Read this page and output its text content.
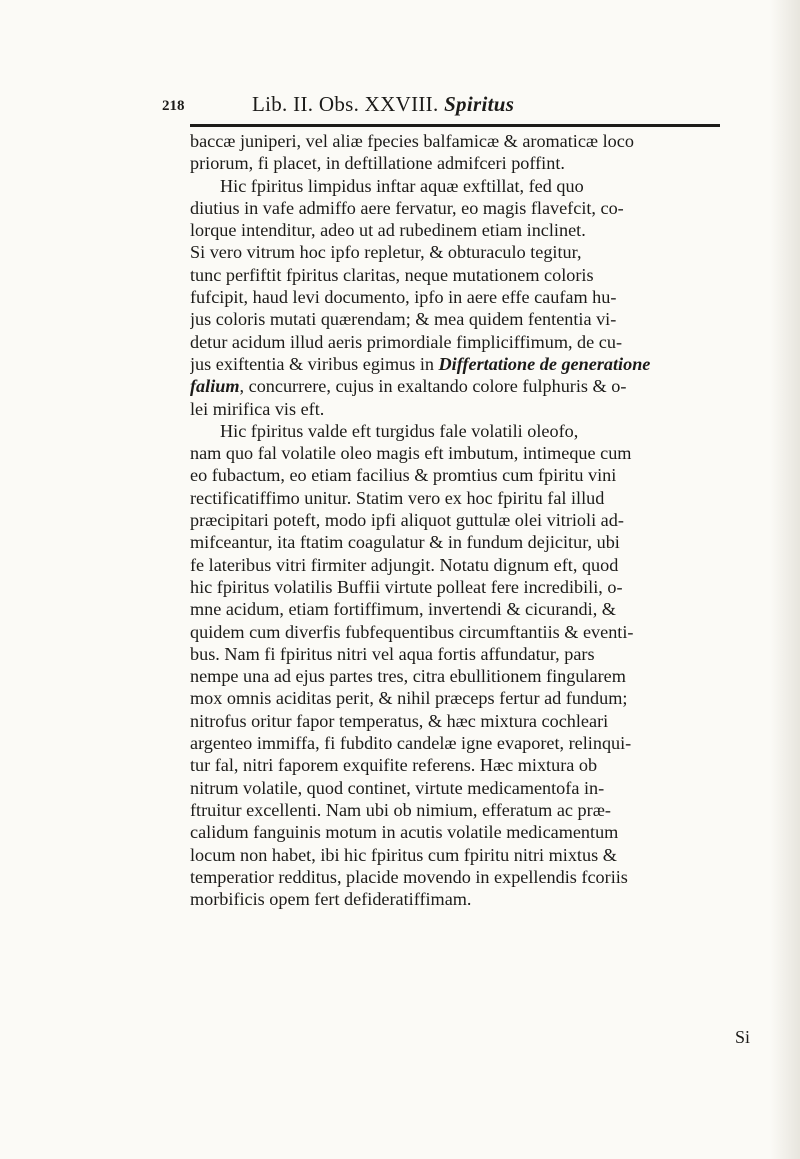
218	Lib. II. Obs. XXVIII. Spiritus
baccæ juniperi, vel aliæ fpecies balfamicæ & aromaticæ loco
priorum, fi placet, in deftillatione admifceri poffint.
Hic fpiritus limpidus inftar aquæ exftillat, fed quo
diutius in vafe admiffo aere fervatur, eo magis flavefcit, co-
lorque intenditur, adeo ut ad rubedinem etiam inclinet.
Si vero vitrum hoc ipfo repletur, & obturaculo tegitur,
tunc perfiftit fpiritus claritas, neque mutationem coloris
fufcipit, haud levi documento, ipfo in aere effe caufam hu-
jus coloris mutati quærendam; & mea quidem fententia vi-
detur acidum illud aeris primordiale fimpliciffimum, de cu-
jus exiftentia & viribus egimus in Differtatione de generatione
falium, concurrere, cujus in exaltando colore fulphuris & o-
lei mirifica vis eft.
Hic fpiritus valde eft turgidus fale volatili oleofo,
nam quo fal volatile oleo magis eft imbutum, intimeque cum
eo fubactum, eo etiam facilius & promtius cum fpiritu vini
rectificatiffimo unitur. Statim vero ex hoc fpiritu fal illud
præcipitari poteft, modo ipfi aliquot guttulæ olei vitrioli ad-
mifceantur, ita ftatim coagulatur & in fundum dejicitur, ubi
fe lateribus vitri firmiter adjungit. Notatu dignum eft, quod
hic fpiritus volatilis Buffii virtute polleat fere incredibili, o-
mne acidum, etiam fortiffimum, invertendi & cicurandi, &
quidem cum diverfis fubfequentibus circumftantiis & eventi-
bus. Nam fi fpiritus nitri vel aqua fortis affundatur, pars
nempe una ad ejus partes tres, citra ebullitionem fingularem
mox omnis aciditas perit, & nihil præceps fertur ad fundum;
nitrofus oritur fapor temperatus, & hæc mixtura cochleari
argenteo immiffa, fi fubdito candelæ igne evaporet, relinqui-
tur fal, nitri faporem exquifite referens. Hæc mixtura ob
nitrum volatile, quod continet, virtute medicamentofa in-
ftruitur excellenti. Nam ubi ob nimium, efferatum ac præ-
calidum fanguinis motum in acutis volatile medicamentum
locum non habet, ibi hic fpiritus cum fpiritu nitri mixtus &
temperatior redditus, placide movendo in expellendis fcoriis
morbificis opem fert defideratiffimam.
Si
